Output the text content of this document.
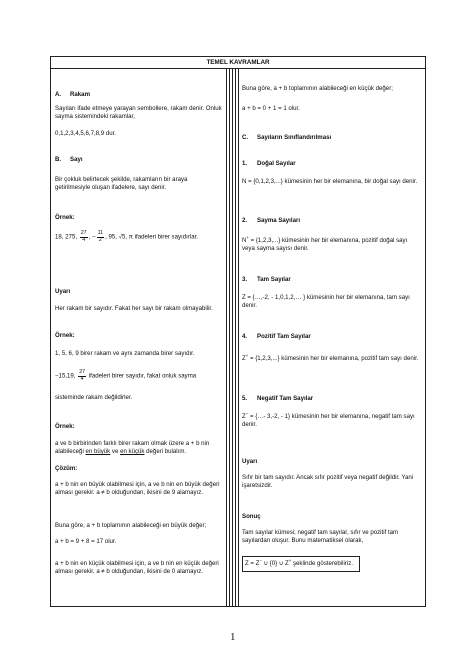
TEMEL KAVRAMLAR
A. Rakam
Sayıları ifade etmeye yarayan sembollere, rakam denir. Onluk sayma sistemindeki rakamlar,
0,1,2,3,4,5,6,7,8,9 dur.
B. Sayı
Bir çokluk belirtecek şekilde, rakamların bir araya getirilmesiyle oluşan ifadelere, sayı denir.
Örnek:
18, 275, $\frac{27}{4}$ , − $\frac{11}{2}$ , 95, √5, π ifadeleri birer sayıdırlar.
Uyarı
Her rakam bir sayıdır. Fakat her sayı bir rakam olmayabilir.
Örnek:
1, 5, 6, 9 birer rakam ve aynı zamanda birer sayıdır.
−15,19, $\frac{27}{4}$ ifadeleri birer sayıdır, fakat onluk sayma
sisteminde rakam değildirler.
Örnek:
a ve b birbirinden farklı birer rakam olmak üzere a + b nin alabileceği en büyük ve en küçük değeri bulalım.
Çözüm:
a + b nin en büyük olabilmesi için, a ve b nin en büyük değeri alması gerekir. a ≠ b olduğundan, ikisini de 9 alamayız.
Buna göre, a + b toplamının alabileceği en büyük değer;
a + b = 9 + 8 = 17 olur.
a + b nin en küçük olabilmesi için, a ve b nin en küçük değeri alması gerekir. a ≠ b olduğundan, ikisini de 0 alamayız.
Buna göre, a + b toplamının alabileceği en küçük değer;
a + b = 0 + 1 = 1 olur.
C. Sayıların Sınıflandırılması
1. Doğal Sayılar
N = {0,1,2,3,...} kümesinin her bir elemanına, bir doğal sayı denir.
2. Sayma Sayıları
N+ = {1,2,3,...} kümesinin her bir elemanına, pozitif doğal sayı veya sayma sayısı denir.
3. Tam Sayılar
Z = {…,-2, - 1,0,1,2,… } kümesinin her bir elemanına, tam sayı denir.
4. Pozitif Tam Sayılar
Z+ = {1,2,3,...} kümesinin her bir elemanına, pozitif tam sayı denir.
5. Negatif Tam Sayılar
Z− = {…- 3,-2, - 1} kümesinin her bir elemanına, negatif tam sayı denir.
Uyarı
Sıfır bir tam sayıdır. Ancak sıfır pozitif veya negatif değildir. Yani işaretsizdir.
Sonuç
Tam sayılar kümesi; negatif tam sayılar, sıfır ve pozitif tam sayılardan oluşur. Bunu matematiksel olarak,
Z = Z− ∪ {0} ∪ Z+ şeklinde gösterebiliriz.
1
